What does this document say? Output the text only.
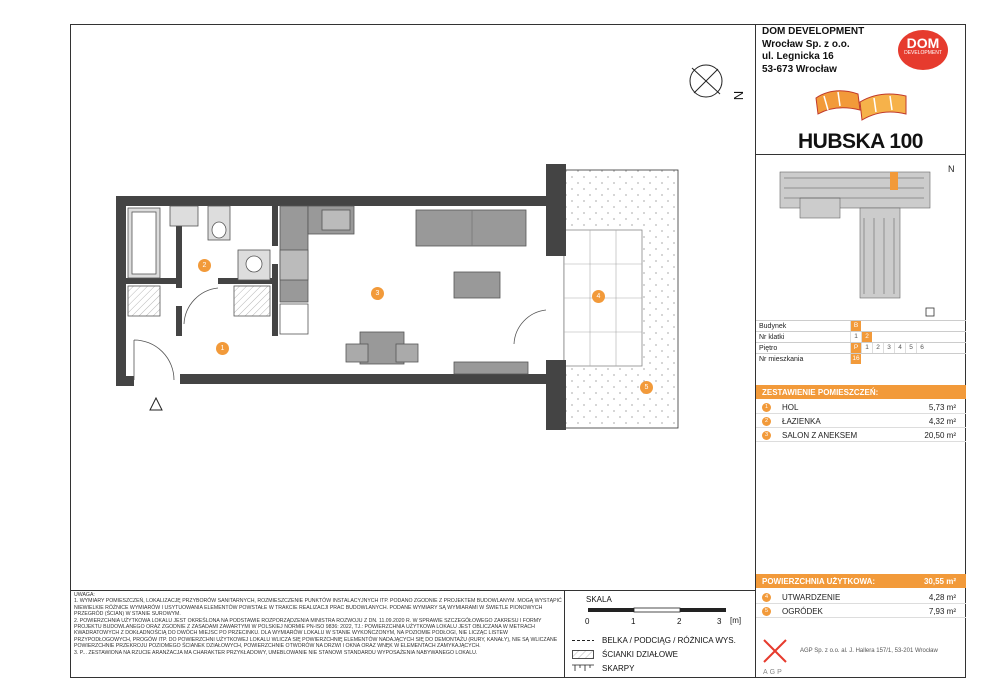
N
1
2
3	4
5
DOM DEVELOPMENT
Wrocław Sp. z o.o.
ul. Legnicka 16
53-673 Wrocław
DOM
DEVELOPMENT
HUBSKA 100
N
Budynek	B
Nr klatki	1	2
Piętro	P	1	2	3	4	5	6
Nr mieszkania	16
ZESTAWIENIE POMIESZCZEŃ:
1	HOL	5,73 m²
2	ŁAZIENKA	4,32 m²
3	SALON Z ANEKSEM	20,50 m²
POWIERZCHNIA UŻYTKOWA:	30,55 m²
4	UTWARDZENIE	4,28 m²
5	OGRÓDEK	7,93 m²
AGP
AGP Sp. z o.o. al. J. Hallera 157/1, 53-201 Wrocław
UWAGA:
1. WYMIARY POMIESZCZEŃ, LOKALIZACJĘ PRZYBORÓW SANITARNYCH, ROZMIESZCZENIE PUNKTÓW INSTALACYJNYCH ITP. PODANO ZGODNIE Z PROJEKTEM BUDOWLANYM. MOGĄ WYSTĄPIĆ NIEWIELKIE RÓŻNICE WYMIARÓW I USYTUOWANIA ELEMENTÓW POWSTAŁE W TRAKCIE REALIZACJI PRAC BUDOWLANYCH. PODANE WYMIARY SĄ WYMIARAMI W ŚWIETLE PIONOWYCH PRZEGRÓD (ŚCIAN) W STANIE SUROWYM.
2. POWIERZCHNIA UŻYTKOWA LOKALU JEST OKREŚLONA NA PODSTAWIE ROZPORZĄDZENIA MINISTRA ROZWOJU Z DN. 11.09.2020 R. W SPRAWIE SZCZEGÓŁOWEGO ZAKRESU I FORMY PROJEKTU BUDOWLANEGO ORAZ ZGODNIE Z ZASADAMI ZAWARTYMI W POLSKIEJ NORMIE PN-ISO 9836: 2022, TJ.: POWIERZCHNIA UŻYTKOWA LOKALU JEST OBLICZANA W METRACH KWADRATOWYCH Z DOKŁADNOŚCIĄ DO DWÓCH MIEJSC PO PRZECINKU. DLA WYMIARÓW LOKALU W STANIE WYKOŃCZONYM, NA POZIOMIE PODŁOGI, NIE LICZĄC LISTEW PRZYPODŁOGOWYCH, PROGÓW ITP. DO POWIERZCHNI UŻYTKOWEJ LOKALU WLICZA SIĘ POWIERZCHNIĘ ELEMENTÓW NADAJĄCYCH SIĘ DO DEMONTAŻU (RURY, KANAŁY), NIE SĄ WLICZANE POWIERZCHNIE PRZEKROJU POZIOMEGO ŚCIANEK DZIAŁOWYCH, POWIERZCHNIE OTWORÓW NA DRZWI I OKNA ORAZ WNĘK W ELEMENTACH ZAMYKAJĄCYCH.
3. P... ZESTAWIONA NA RZUCIE ARANŻACJA MA CHARAKTER PRZYKŁADOWY, UMEBLOWANIE NIE STANOWI STANDARDU WYPOSAŻENIA NABYWANEGO LOKALU.
SKALA
0	1	2	3 [m]
BELKA / PODCIĄG / RÓŻNICA WYS.
ŚCIANKI DZIAŁOWE
SKARPY
